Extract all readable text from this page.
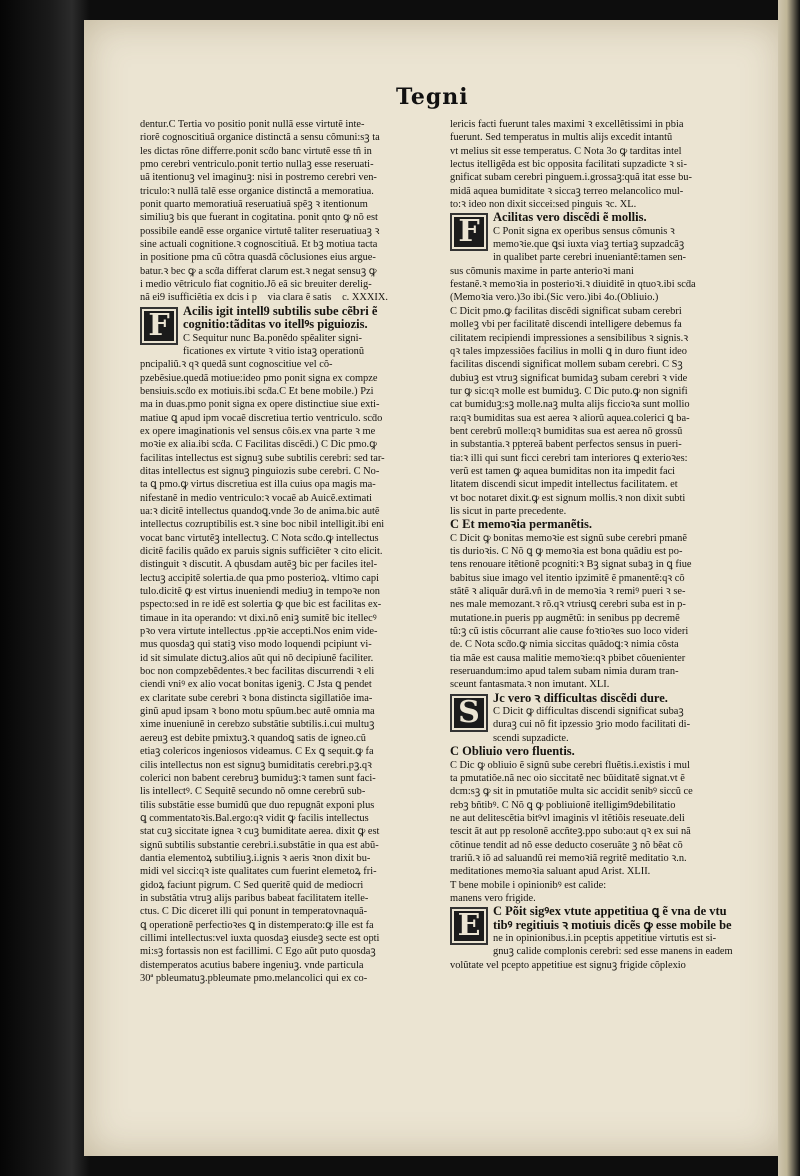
Tegni

dentur.C Tertia vo positio ponit nullã esse virtutẽ inte-

riorẽ cognoscitiuã organice distinctã a sensu cõmuni:sꝫ ta

les dictas rõne differre.ponit scḋo banc virtutẽ esse tñ in

pmo cerebri ventriculo.ponit tertio nullaꝫ esse reseruati-

uã itentionuꝫ vel imaginuꝫ: nisi in postremo cerebri ven-

triculo:ꝛ nullã talẽ esse organice distinctã a memoratiua.

ponit quarto memoratiuã reseruatiuã spẽꝫ ꝛ itentionum

similiuꝫ bis que fuerant in cogitatina. ponit qnto ꝙ nõ est

possibile eandẽ esse organice virtutẽ taliter reseruatiuaꝫ ꝛ

sine actuali cognitione.ꝛ cognoscitiuã. Et bꝫ motiua tacta

in positione pma cũ cõtra quasdã cõclusiones eius argue-

batur.ꝛ bec ꝙ a scḋa differat clarum est.ꝛ negat sensuꝫ ꝙ

i medio vẽtriculo fiat cognitio.Jõ eã sic breuiter derelig-

nã ei9 isufficiẽtia ex dcis i pᷓ via clara ẽ satis ꝛc. XXXIX.

F	Acilis igit intell9 subtilis sube cẽbri ẽ

cognitio:tãditas vo itellꝰs piguiozis.

C Sequitur nunc Ba.ponẽdo spẽaliter signi-

ficationes ex virtute ꝛ vitio istaꝫ operationũ

pncipaliũ.ꝛ qꝛ quedã sunt cognoscitiue vel cõ-

pzebẽsiue.quedã motiue:ideo pmo ponit signa ex compze

bensiuis.scḋo ex motiuis.ibi scḋa.C Et bene mobile.) Pzi

ma in duas.pmo ponit signa ex opere distinctiue siue exti-

matiue ꝗ apud ipm vocaẽ discretiua tertio ventriculo. scḋo

ex opere imaginationis vel sensus cõis.ex vna parte ꝛ me

moꝛie ex alia.ibi scḋa. C Facilitas discẽdi.) C Dic pmo.ꝙ

facilitas intellectus est signuꝫ sube subtilis cerebri: sed tar-

ditas intellectus est signuꝫ pinguiozis sube cerebri. C No-

ta ꝗ pmo.ꝙ virtus discretiua est illa cuius opa magis ma-

nifestanẽ in medio ventriculo:ꝛ vocaẽ ab Auicẽ.extimati

ua:ꝛ dicitẽ intellectus quandoꝗ.vnde 3o de anima.bic autẽ

intellectus cozruptibilis est.ꝛ sine boc nibil intelligit.ibi eni

vocat banc virtutẽꝫ intellectuꝫ. C Nota scḋo.ꝙ intellectus

dicitẽ facilis quãdo ex paruis signis sufficiẽter ꝛ cito elicit.

distinguit ꝛ discutit. A qbusdam autẽꝫ bic per faciles itel-

lectuꝫ accipitẽ solertia.de qua pmo posterioꝝ. vltimo capi

tulo.dicitẽ ꝙ est virtus inueniendi mediuꝫ in tempoꝛe non

pspecto:sed in re idẽ est solertia ꝙ que bic est facilitas ex-

timaue in ita operando: vt dixi.nõ eniꝫ sumitẽ bic itellecꝰ

pꝛo vera virtute intellectus .ppꝛie accepti.Nos enim vide-

mus quosdaꝫ qui statiꝫ viso modo loquendi pcipiunt vi-

id sit simulate dictuꝫ.alios aũt qui nõ decipiunẽ faciliter.

boc non compzebẽdentes.ꝛ bec facilitas discurrendi ꝛ eli

ciendi vniꝰ ex alio vocat bonitas igeniꝫ. C Jsta ꝗ pendet

ex claritate sube cerebri ꝛ bona distincta sigillatiõe ima-

ginũ apud ipsam ꝛ bono motu spũum.bec autẽ omnia ma

xime inueniunẽ in cerebzo substãtie subtilis.i.cui multuꝫ

aereuꝫ est debite pmixtuꝫ.ꝛ quandoꝗ satis de igneo.cũ

etiaꝫ colericos ingeniosos videamus. C Ex ꝗ sequit.ꝙ fa

cilis intellectus non est signuꝫ bumiditatis cerebri.pꝫ.qꝛ

colerici non babent cerebruꝫ bumiduꝫ:ꝛ tamen sunt faci-

lis intellectꝰ. C Sequitẽ secundo nõ omne cerebrũ sub-

tilis substãtie esse bumidũ que duo repugnãt exponi plus

ꝗ commentatoꝛis.Bal.ergo:qꝛ vidit ꝙ facilis intellectus

stat cuꝫ siccitate ignea ꝛ cuꝫ bumiditate aerea. dixit ꝙ est

signũ subtilis substantie cerebri.i.substãtie in qua est abũ-

dantia elementoꝝ subtiliuꝫ.i.ignis ꝛ aeris ꝛnon dixit bu-

midi vel sicci:qꝛ iste qualitates cum fuerint elemetoꝝ fri-

gidoꝝ faciunt pigrum. C Sed queritẽ quid de mediocri

in substãtia vtruꝫ alijs paribus babeat facilitatem itelle-

ctus. C Dic diceret illi qui ponunt in temperatovnaquã-

ꝗ operationẽ perfectioꝛes ꝗ in distemperato:ꝙ ille est fa

cillimi intellectus:vel iuxta quosdaꝫ eiusdeꝫ secte est opti

mi:sꝫ fortassis non est facillimi. C Ego aũt puto quosdaꝫ

distemperatos acutius babere ingeniuꝫ. vnde particula

30ª pbleumatuꝫ.pbleumate pmo.melancolici qui ex co-

lericis facti fuerunt tales maximi ꝛ excellẽtissimi in pbia

fuerunt. Sed temperatus in multis alijs excedit intantũ

vt melius sit esse temperatus. C Nota 3o ꝙ tarditas intel

lectus itelligẽda est bic opposita facilitati supzadicte ꝛ si-

gnificat subam cerebri pinguem.i.grossaꝫ:quã itat esse bu-

midã aquea bumiditate ꝛ siccaꝫ terreo melancolico mul-

to:ꝛ ideo non dixit siccei:sed pinguis ꝛc. XL.

F	Acilitas vero discẽdi ẽ mollis.

C Ponit signa ex operibus sensus cõmunis ꝛ

memoꝛie.que ꝗsi iuxta viaꝫ tertiaꝫ supzadcãꝫ

in qualibet parte cerebri inueniantẽ:tamen sen-

sus cõmunis maxime in parte anterioꝛi mani

festanẽ.ꝛ memoꝛia in posterioꝛi.ꝛ diuiditẽ in qtuoꝛ.ibi scḋa

(Memoꝛia vero.)3o ibi.(Sic vero.)ibi 4o.(Obliuio.)

C Dicit pmo.ꝙ facilitas discẽdi significat subam cerebri

molleꝫ vbi per facilitatẽ discendi intelligere debemus fa

cilitatem recipiendi impressiones a sensibilibus ꝛ signis.ꝛ

qꝛ tales impzessiões facilius in molli ꝗ in duro fiunt ideo

facilitas discendi significat mollem subam cerebri. C Sꝫ

dubiuꝫ est vtruꝫ significat bumidaꝫ subam cerebri ꝛ vide

tur ꝙ sic:qꝛ molle est bumiduꝫ. C Dic puto.ꝙ non signifi

cat bumiduꝫ:sꝫ molle.naꝫ multa alijs ficcioꝛa sunt mollio

ra:qꝛ bumiditas sua est aerea ꝛ aliorũ aquea.colerici ꝗ ba-

bent cerebrũ molle:qꝛ bumiditas sua est aerea nõ grossũ

in substantia.ꝛ pptereã babent perfectos sensus in pueri-

tia:ꝛ illi qui sunt ficci cerebri tam interiores ꝗ exterioꝛes:

verũ est tamen ꝙ aquea bumiditas non ita impedit faci

litatem discendi sicut impedit intellectus facilitatem. et

vt boc notaret dixit.ꝙ est signum mollis.ꝛ non dixit subti

lis sicut in parte precedente.

C Et memoꝛia permanẽtis.

C Dicit ꝙ bonitas memoꝛie est signũ sube cerebri pmanẽ

tis durioꝛis. C Nõ ꝗ ꝙ memoꝛia est bona quãdiu est po-

tens renouare itẽtionẽ pcogniti:ꝛ Bꝫ signat subaꝫ in ꝗ fiue

babitus siue imago vel itentio ipzimitẽ ẽ pmanentẽ:qꝛ cõ

stãtẽ ꝛ aliquãr durã.vñ in de memoꝛia ꝛ remiꝰ pueri ꝛ se-

nes male memozant.ꝛ rõ.qꝛ vtriusꝗ cerebri suba est in p-

mutatione.in pueris pp augmẽtũ: in senibus pp decremẽ

tũ:ꝫ cũ istis cõcurrant alie cause foꝛtioꝛes suo loco videri

de. C Nota scḋo.ꝙ nimia siccitas quãdoꝗ:ꝛ nimia cõsta

tia mãe est causa malitie memoꝛie:qꝛ pbibet cõuenienter

reseruandum:imo apud talem subam nimia duram tran-

sceunt fantasmata.ꝛ non imutant. XLI.

S	Jc vero ꝛ difficultas discẽdi dure.

C Dicit ꝙ difficultas discendi significat subaꝫ

duraꝫ cui nõ fit ipzessio ꝫrio modo facilitati di-

scendi supzadicte.

C Obliuio vero fluentis.

C Dic ꝙ obliuio ẽ signũ sube cerebri fluẽtis.i.existis i mul

ta pmutatiõe.nã nec oio siccitatẽ nec bũiditatẽ signat.vt ẽ

dcm:sꝫ ꝙ sit in pmutatiõe multa sic accidit senibꝰ siccũ ce

rebꝫ bñtibꝰ. C Nõ ꝗ ꝙ pobliuionẽ itelligim9debilitatio

ne aut delitescẽtia bitꝰvl imaginis vl itẽtiõis reseuate.deli

tescit ãt aut pp resolonẽ accñteꝫ.ppo subo:aut qꝛ ex sui nã

cõtinue tendit ad nõ esse deducto coseruãte ꝫ nõ bẽat cõ

trariũ.ꝛ iõ ad saluandũ rei memoꝛiã regritẽ meditatio ꝛ.n.

meditationes memoꝛia saluant apud Arist. XLII.

T bene mobile i opinionibꝰ est calide:

manens vero frigide.

E	C Põit sigꝰex vtute appetitiua ꝗ ẽ vna de vtu

tibꝰ regitiuis ꝛ motiuis dicẽs ꝙ esse mobile be

ne in opinionibus.i.in pceptis appetitiue virtutis est si-

gnuꝫ calide complonis cerebri: sed esse manens in eadem

volũtate vel pcepto appetitiue est signuꝫ frigide cõplexio
